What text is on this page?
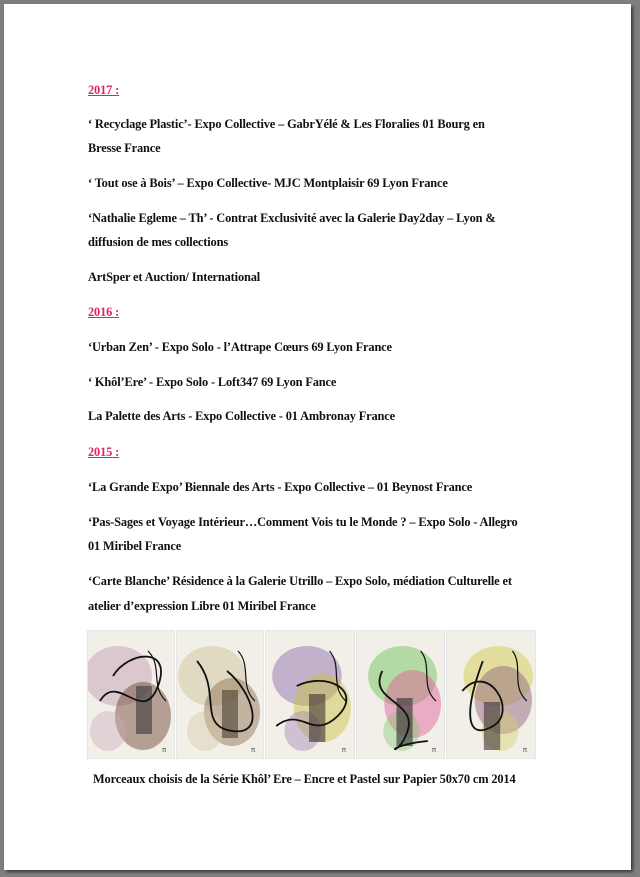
2017 :

‘ Recyclage Plastic’- Expo Collective – GabrYélé & Les Floralies 01 Bourg en

Bresse France

‘ Tout ose à Bois’ – Expo Collective- MJC Montplaisir 69 Lyon France

‘Nathalie Egleme – Th’ - Contrat Exclusivité avec la Galerie Day2day – Lyon &

diffusion de mes collections

ArtSper et Auction/ International

2016 :

‘Urban Zen’ - Expo Solo - l’Attrape Cœurs 69 Lyon France

‘ Khôl’Ere’ - Expo Solo - Loft347 69 Lyon Fance

La Palette des Arts - Expo Collective - 01 Ambronay France

2015 :

‘La Grande Expo’ Biennale des Arts - Expo Collective – 01 Beynost France

‘Pas-Sages et Voyage Intérieur…Comment Vois tu le Monde ? – Expo Solo - Allegro

01 Miribel France

‘Carte Blanche’ Résidence à la Galerie Utrillo – Expo Solo, médiation Culturelle et

atelier d’expression Libre 01 Miribel France

π	π	π	π	π

Morceaux choisis de la Série Khôl’ Ere – Encre et Pastel sur Papier 50x70 cm 2014
